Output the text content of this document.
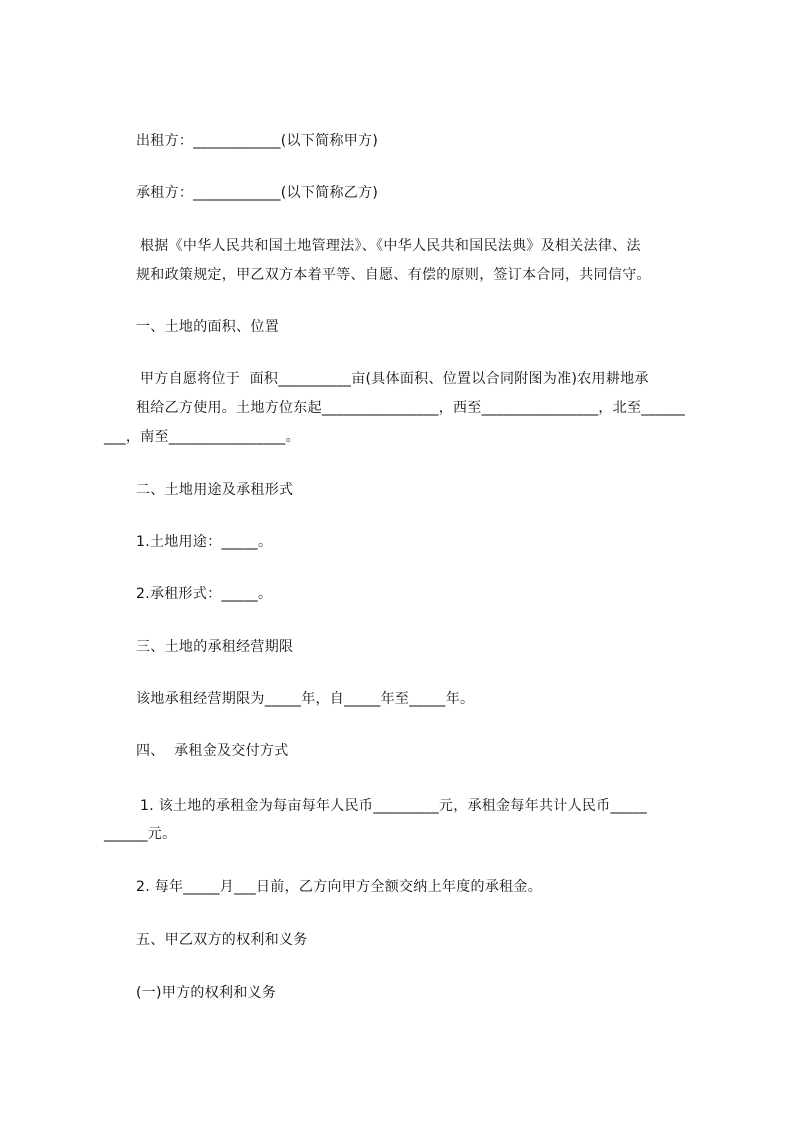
出租方：____________(以下简称甲方)
承租方：____________(以下简称乙方)
根据《中华人民共和国土地管理法》、《中华人民共和国民法典》及相关法律、法
规和政策规定，甲乙双方本着平等、自愿、有偿的原则，签订本合同，共同信守。
一、土地的面积、位置
甲方自愿将位于  面积__________亩(具体面积、位置以合同附图为准)农用耕地承
租给乙方使用。土地方位东起________________，西至________________，北至______
___，南至________________。
二、土地用途及承租形式
1.土地用途：_____。
2.承租形式：_____。
三、土地的承租经营期限
该地承租经营期限为_____年，自_____年至_____年。
四、  承租金及交付方式
1. 该土地的承租金为每亩每年人民币_________元，承租金每年共计人民币_____
______元。
2. 每年_____月___日前，乙方向甲方全额交纳上年度的承租金。
五、甲乙双方的权利和义务
(一)甲方的权利和义务
